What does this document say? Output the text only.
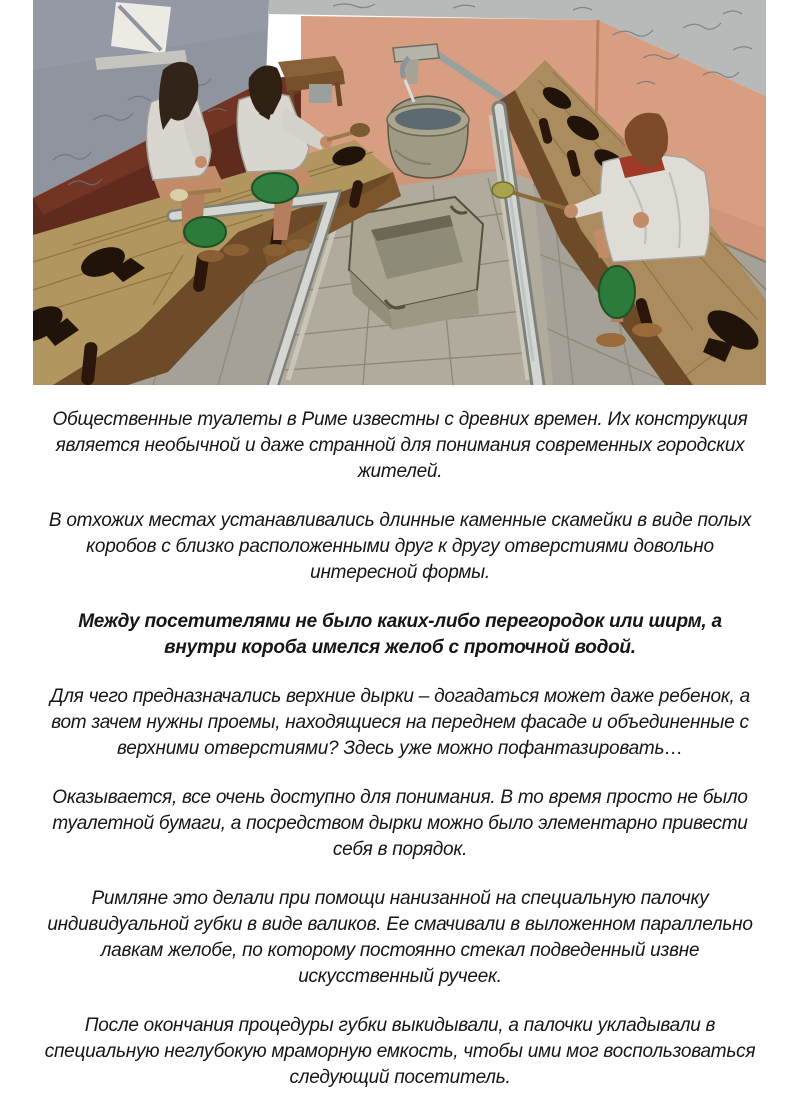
Общественные туалеты в Риме известны с древних времен. Их конструкция является необычной и даже странной для понимания современных городских жителей.

В отхожих местах устанавливались длинные каменные скамейки в виде полых коробов с близко расположенными друг к другу отверстиями довольно интересной формы.

Между посетителями не было каких-либо перегородок или ширм, а внутри короба имелся желоб с проточной водой.

Для чего предназначались верхние дырки – догадаться может даже ребенок, а вот зачем нужны проемы, находящиеся на переднем фасаде и объединенные с верхними отверстиями? Здесь уже можно пофантазировать…

Оказывается, все очень доступно для понимания. В то время просто не было туалетной бумаги, а посредством дырки можно было элементарно привести себя в порядок.

Римляне это делали при помощи нанизанной на специальную палочку индивидуальной губки в виде валиков. Ее смачивали в выложенном параллельно лавкам желобе, по которому постоянно стекал подведенный извне искусственный ручеек.

После окончания процедуры губки выкидывали, а палочки укладывали в специальную неглубокую мраморную емкость, чтобы ими мог воспользоваться следующий посетитель.
